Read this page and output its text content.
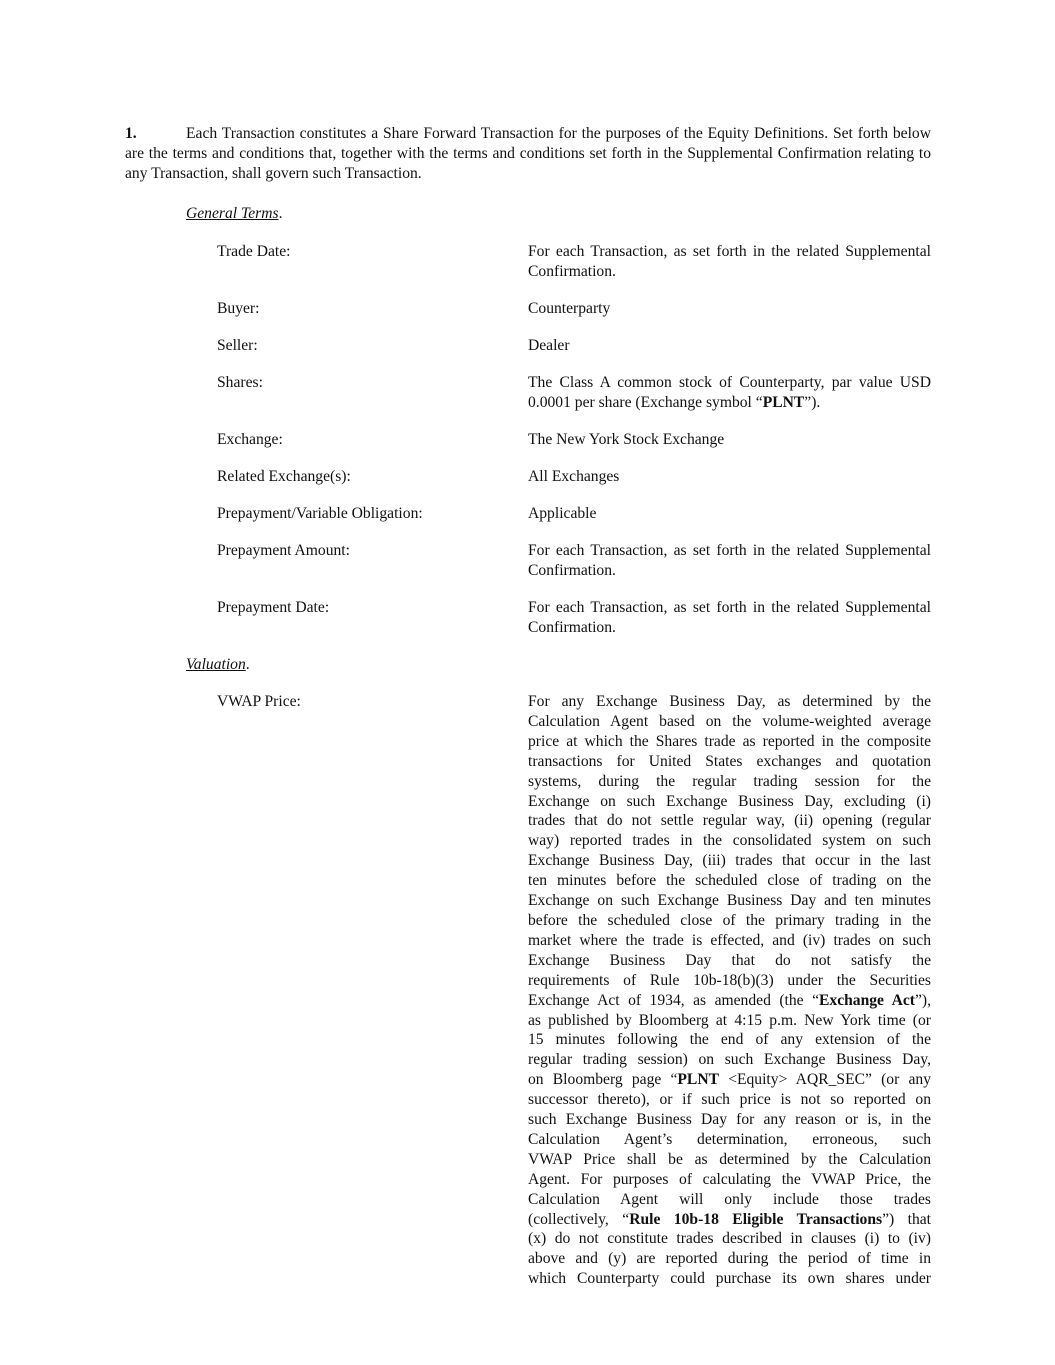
1.	Each Transaction constitutes a Share Forward Transaction for the purposes of the Equity Definitions. Set forth below are the terms and conditions that, together with the terms and conditions set forth in the Supplemental Confirmation relating to any Transaction, shall govern such Transaction.

General Terms.

Trade Date:	For each Transaction, as set forth in the related Supplemental Confirmation.

Buyer:	Counterparty

Seller:	Dealer

Shares:	The Class A common stock of Counterparty, par value USD 0.0001 per share (Exchange symbol “PLNT”).

Exchange:	The New York Stock Exchange

Related Exchange(s):	All Exchanges

Prepayment/Variable Obligation:	Applicable

Prepayment Amount:	For each Transaction, as set forth in the related Supplemental Confirmation.

Prepayment Date:	For each Transaction, as set forth in the related Supplemental Confirmation.

Valuation.

VWAP Price:	For any Exchange Business Day, as determined by the
Calculation Agent based on the volume-weighted average
price at which the Shares trade as reported in the composite
transactions for United States exchanges and quotation
systems, during the regular trading session for the
Exchange on such Exchange Business Day, excluding (i)
trades that do not settle regular way, (ii) opening (regular
way) reported trades in the consolidated system on such
Exchange Business Day, (iii) trades that occur in the last
ten minutes before the scheduled close of trading on the
Exchange on such Exchange Business Day and ten minutes
before the scheduled close of the primary trading in the
market where the trade is effected, and (iv) trades on such
Exchange Business Day that do not satisfy the
requirements of Rule 10b-18(b)(3) under the Securities
Exchange Act of 1934, as amended (the “Exchange Act”),
as published by Bloomberg at 4:15 p.m. New York time (or
15 minutes following the end of any extension of the
regular trading session) on such Exchange Business Day,
on Bloomberg page “PLNT <Equity> AQR_SEC” (or any
successor thereto), or if such price is not so reported on
such Exchange Business Day for any reason or is, in the
Calculation Agent’s determination, erroneous, such
VWAP Price shall be as determined by the Calculation
Agent. For purposes of calculating the VWAP Price, the
Calculation Agent will only include those trades
(collectively, “Rule 10b-18 Eligible Transactions”) that
(x) do not constitute trades described in clauses (i) to (iv)
above and (y) are reported during the period of time in
which Counterparty could purchase its own shares under
